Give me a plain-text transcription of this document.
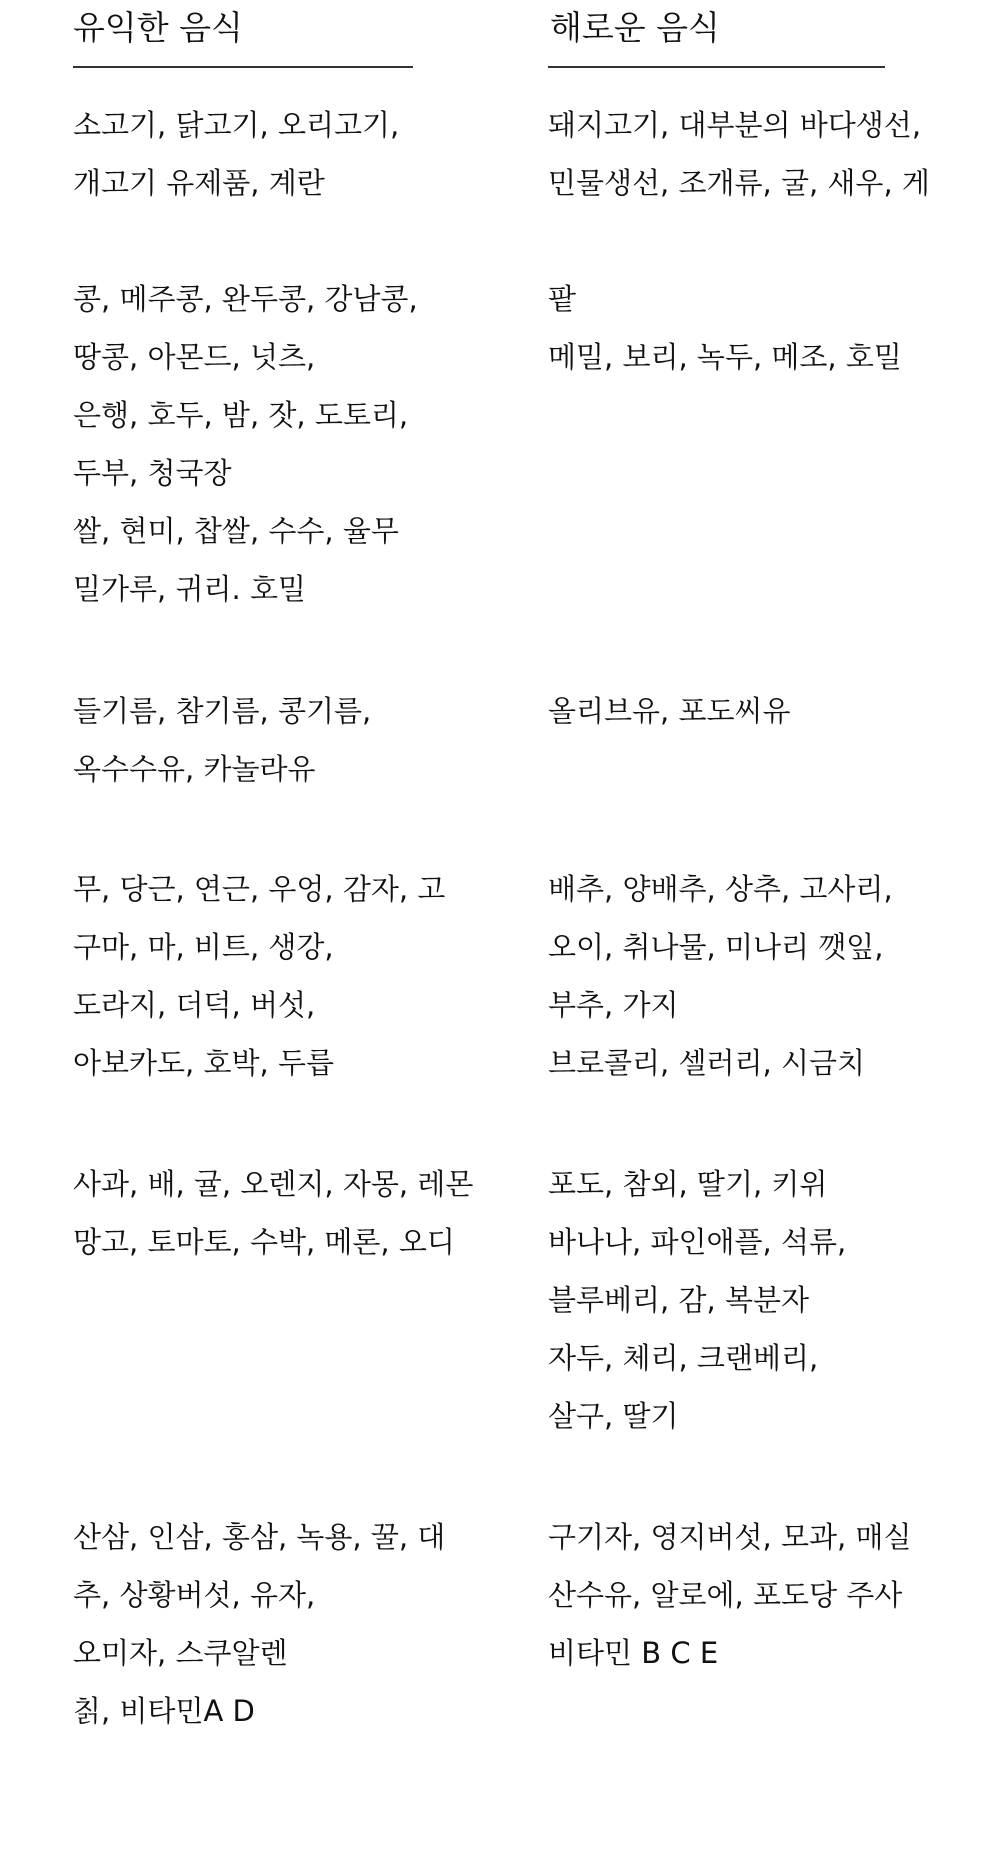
유익한 음식
소고기, 닭고기, 오리고기,
개고기 유제품, 계란
콩, 메주콩, 완두콩, 강남콩,
땅콩, 아몬드, 넛츠,
은행, 호두, 밤, 잣, 도토리,
두부, 청국장
쌀, 현미, 찹쌀, 수수, 율무
밀가루, 귀리. 호밀
들기름, 참기름, 콩기름,
옥수수유, 카놀라유
무, 당근, 연근, 우엉, 감자, 고
구마, 마, 비트, 생강,
도라지, 더덕, 버섯,
아보카도, 호박, 두릅
사과, 배, 귤, 오렌지, 자몽, 레몬
망고, 토마토, 수박, 메론, 오디
산삼, 인삼, 홍삼, 녹용, 꿀, 대
추, 상황버섯, 유자,
오미자, 스쿠알렌
칡, 비타민A D
해로운 음식
돼지고기, 대부분의 바다생선,
민물생선, 조개류, 굴, 새우, 게
팥
메밀, 보리, 녹두, 메조, 호밀
올리브유, 포도씨유
배추, 양배추, 상추, 고사리,
오이, 취나물, 미나리 깻잎,
부추, 가지
브로콜리, 셀러리, 시금치
포도, 참외, 딸기, 키위
바나나, 파인애플, 석류,
블루베리, 감, 복분자
자두, 체리, 크랜베리,
살구, 딸기
구기자, 영지버섯, 모과, 매실
산수유, 알로에, 포도당 주사
비타민 B C E
